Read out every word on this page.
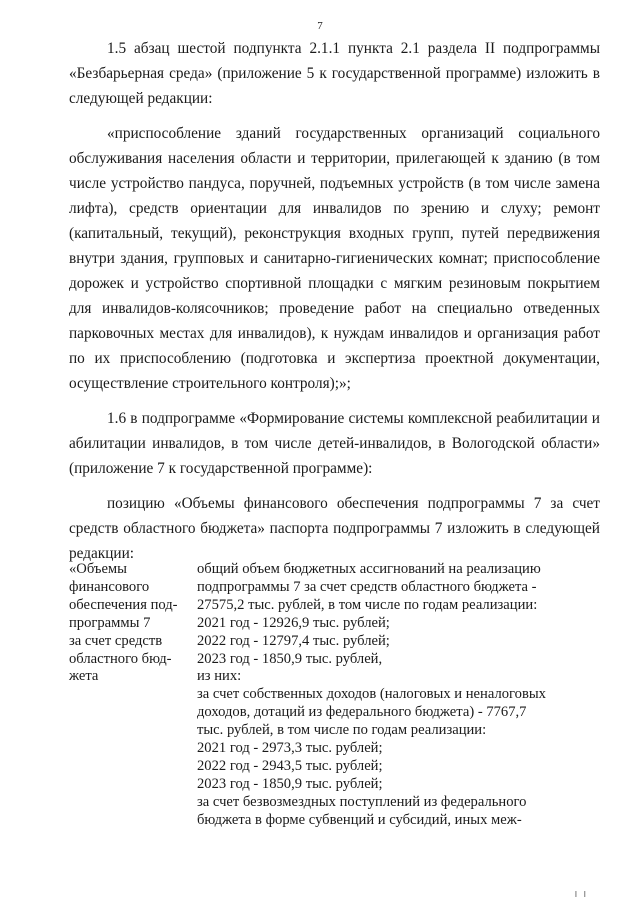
7

1.5 абзац шестой подпункта 2.1.1 пункта 2.1 раздела II подпрограммы «Безбарьерная среда» (приложение 5 к государственной программе) изложить в следующей редакции:

«приспособление зданий государственных организаций социального обслуживания населения области и территории, прилегающей к зданию (в том числе устройство пандуса, поручней, подъемных устройств (в том числе замена лифта), средств ориентации для инвалидов по зрению и слуху; ремонт (капитальный, текущий), реконструкция входных групп, путей передвижения внутри здания, групповых и санитарно-гигиенических комнат; приспособление дорожек и устройство спортивной площадки с мягким резиновым покрытием для инвалидов-колясочников; проведение работ на специально отведенных парковочных местах для инвалидов), к нуждам инвалидов и организация работ по их приспособлению (подготовка и экспертиза проектной документации, осуществление строительного контроля);»;

1.6 в подпрограмме «Формирование системы комплексной реабилитации и абилитации инвалидов, в том числе детей-инвалидов, в Вологодской области» (приложение 7 к государственной программе):

позицию «Объемы финансового обеспечения подпрограммы 7 за счет средств областного бюджета» паспорта подпрограммы 7 изложить в следующей редакции:

«Объемы
финансового
обеспечения под-
программы 7
за счет средств
областного бюд-
жета
общий объем бюджетных ассигнований на реализацию
подпрограммы 7 за счет средств областного бюджета -
27575,2 тыс. рублей, в том числе по годам реализации:
2021 год - 12926,9 тыс. рублей;
2022 год - 12797,4 тыс. рублей;
2023 год - 1850,9 тыс. рублей,
из них:
за счет собственных доходов (налоговых и неналоговых
доходов, дотаций из федерального бюджета) - 7767,7
тыс. рублей, в том числе по годам реализации:
2021 год - 2973,3 тыс. рублей;
2022 год - 2943,5 тыс. рублей;
2023 год - 1850,9 тыс. рублей;
за счет безвозмездных поступлений из федерального
бюджета в форме субвенций и субсидий, иных меж-
I I
